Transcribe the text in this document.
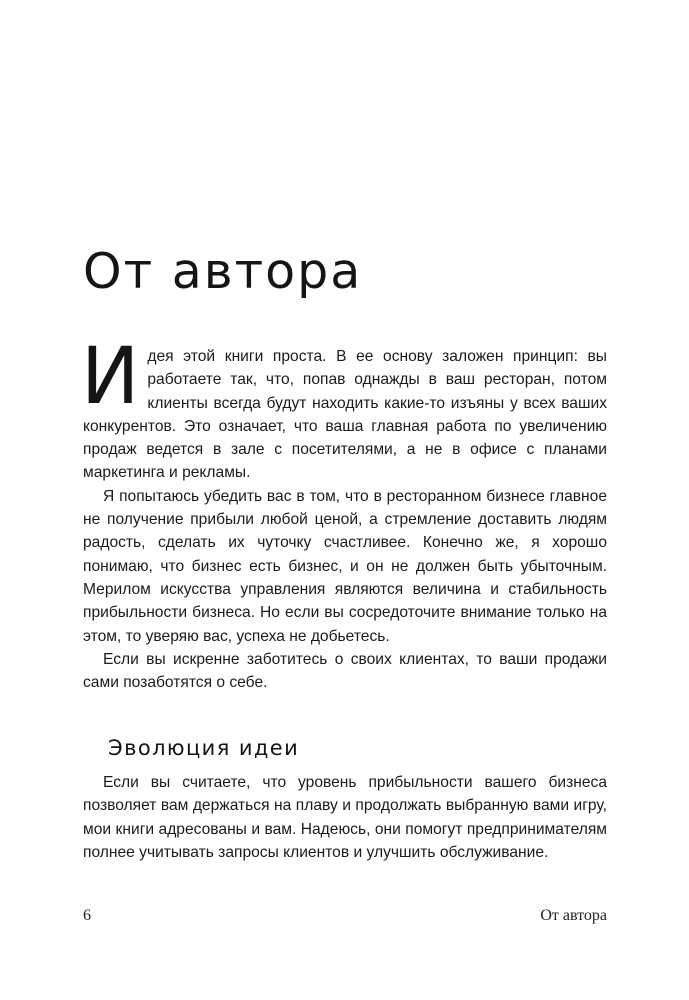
От автора

Идея этой книги проста. В ее основу заложен принцип: вы работаете так, что, попав однажды в ваш ресторан, потом клиенты всегда будут находить какие-то изъяны у всех ваших конкурентов. Это означает, что ваша главная работа по увеличению продаж ведется в зале с посетителями, а не в офисе с планами маркетинга и рекламы.

Я попытаюсь убедить вас в том, что в ресторанном бизнесе главное не получение прибыли любой ценой, а стремление доставить людям радость, сделать их чуточку счастливее. Конечно же, я хорошо понимаю, что бизнес есть бизнес, и он не должен быть убыточным. Мерилом искусства управления являются величина и стабильность прибыльности бизнеса. Но если вы сосредоточите внимание только на этом, то уверяю вас, успеха не добьетесь.

Если вы искренне заботитесь о своих клиентах, то ваши продажи сами позаботятся о себе.

Эволюция идеи

Если вы считаете, что уровень прибыльности вашего бизнеса позволяет вам держаться на плаву и продолжать выбранную вами игру, мои книги адресованы и вам. Надеюсь, они помогут предпринимателям полнее учитывать запросы клиентов и улучшить обслуживание.

6	От автора
